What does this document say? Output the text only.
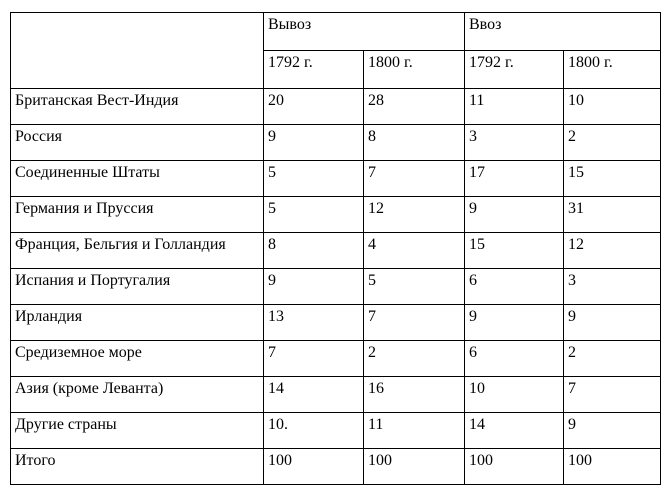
	Вывоз		Ввоз	
	1792 г.	1800 г.	1792 г.	1800 г.
Британская Вест-Индия	20	28	11	10
Россия	9	8	3	2
Соединенные Штаты	5	7	17	15
Германия и Пруссия	5	12	9	31
Франция, Бельгия и Голландия	8	4	15	12
Испания и Португалия	9	5	6	3
Ирландия	13	7	9	9
Средиземное море	7	2	6	2
Азия (кроме Леванта)	14	16	10	7
Другие страны	10.	11	14	9
Итого	100	100	100	100
